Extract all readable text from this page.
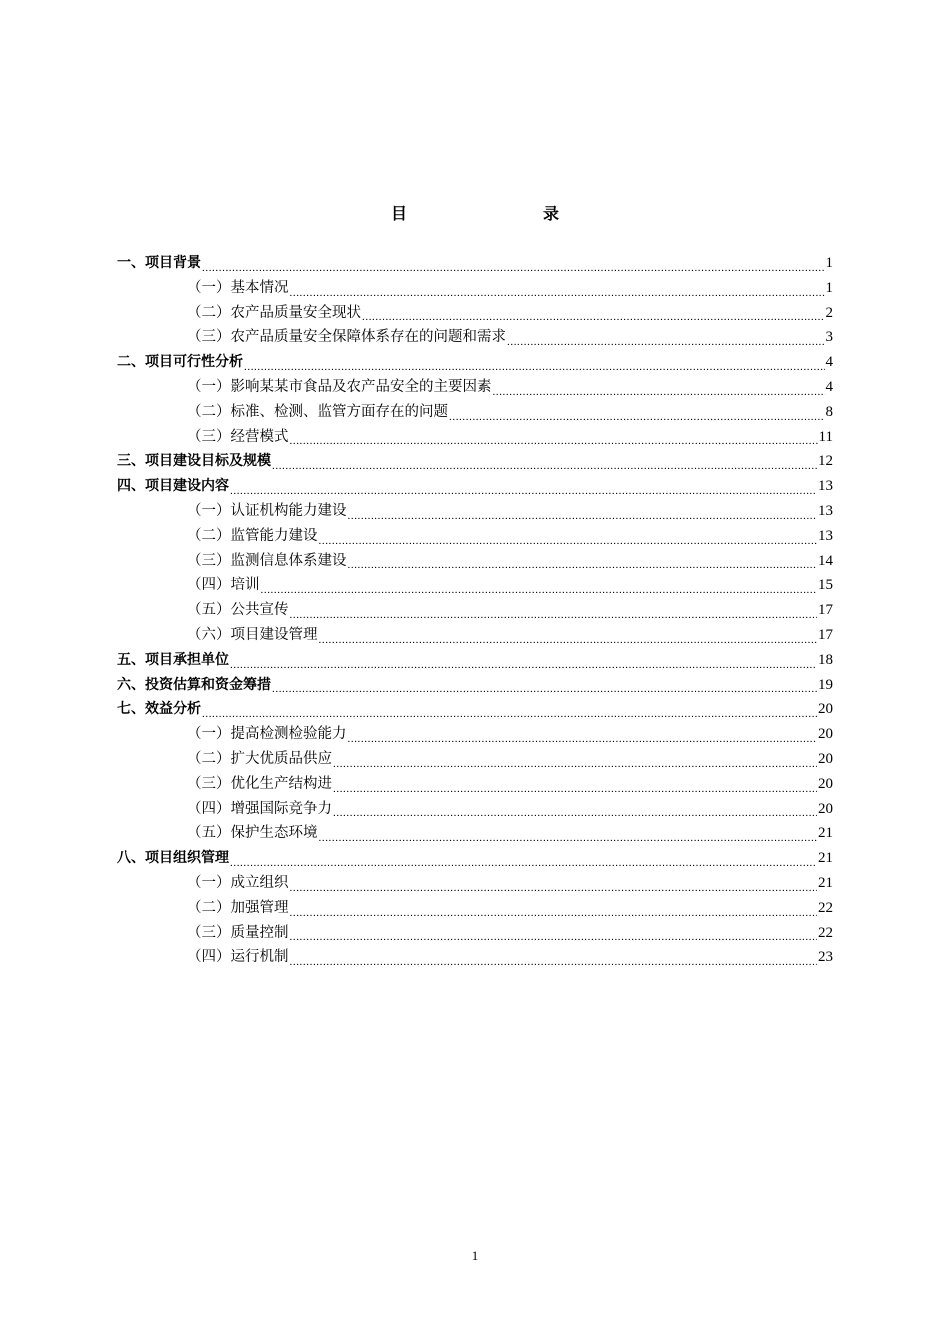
目　录
一、项目背景 .....	1
（一）基本情况 .....	1
（二）农产品质量安全现状 .....	2
（三）农产品质量安全保障体系存在的问题和需求 .....	3
二、项目可行性分析 .....	4
（一）影响某某市食品及农产品安全的主要因素 .....	4
（二）标准、检测、监管方面存在的问题 .....	8
（三）经营模式 .....	11
三、项目建设目标及规模 .....	12
四、项目建设内容 .....	13
（一）认证机构能力建设 .....	13
（二）监管能力建设 .....	13
（三）监测信息体系建设 .....	14
（四）培训 .....	15
（五）公共宣传 .....	17
（六）项目建设管理 .....	17
五、项目承担单位 .....	18
六、投资估算和资金筹措 .....	19
七、效益分析 .....	20
（一）提高检测检验能力 .....	20
（二）扩大优质品供应 .....	20
（三）优化生产结构进 .....	20
（四）增强国际竞争力 .....	20
（五）保护生态环境 .....	21
八、项目组织管理 .....	21
（一）成立组织 .....	21
（二）加强管理 .....	22
（三）质量控制 .....	22
（四）运行机制 .....	23
1
